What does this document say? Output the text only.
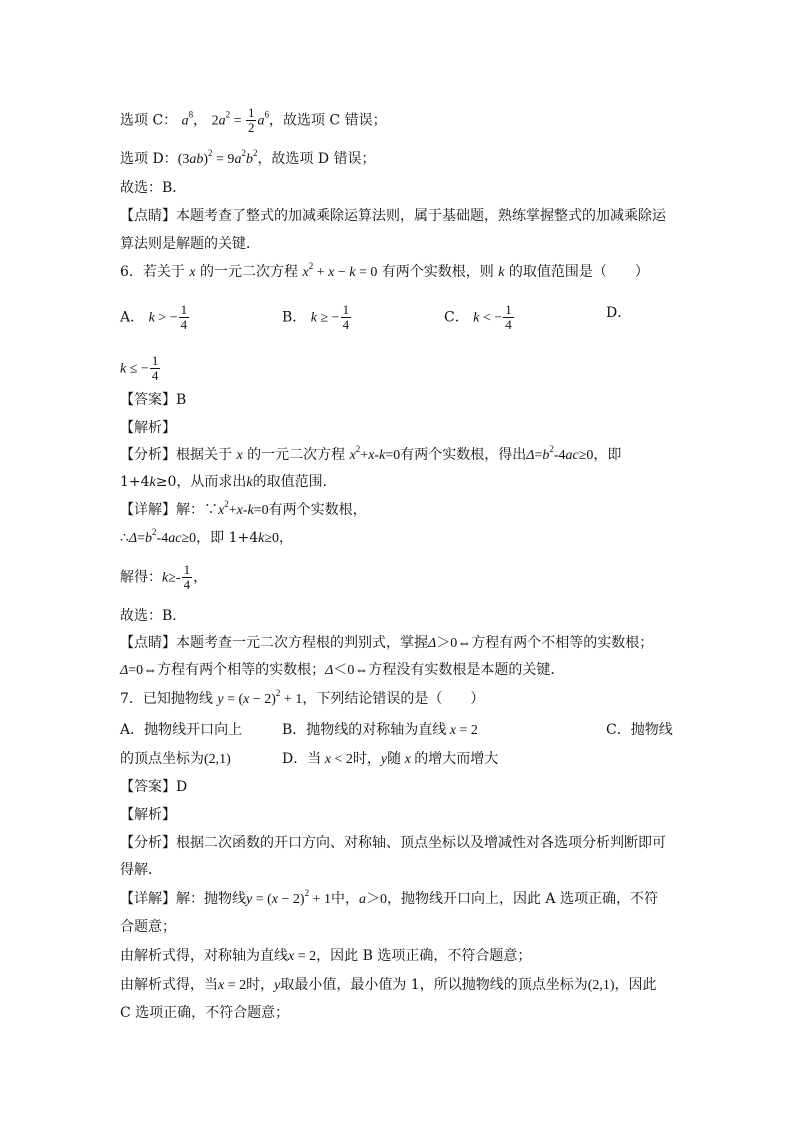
选项 C： $a^8$， $2a^2 = \frac{1}{2} a^6$，故选项 C 错误；
选项 D：$(3ab)^2 = 9a^2b^2$，故选项 D 错误；
故选：B．
【点睛】本题考查了整式的加减乘除运算法则，属于基础题，熟练掌握整式的加减乘除运
算法则是解题的关键．
6．若关于 x 的一元二次方程 $x^2 + x - k = 0$ 有两个实数根，则 k 的取值范围是（　　）
A． k > − $\frac{1}{4}$	B． k ≥ − $\frac{1}{4}$	C． k < − $\frac{1}{4}$	D．
k ≤ − $\frac{1}{4}$
【答案】B
【解析】
【分析】根据关于 x 的一元二次方程 $x^2+x-k=0$有两个实数根，得出$\Delta=b^2-4ac\ge 0$，即
1+4k≥0，从而求出k的取值范围．
【详解】解：$\because x^2+x-k=0$有两个实数根，
$\therefore\Delta=b^2-4ac\ge 0$，即 1+4k≥0，
解得：$k\ge- \frac{1}{4}$ ，
故选：B．
【点睛】本题考查一元二次方程根的判别式，掌握Δ＞0⇔方程有两个不相等的实数根；
Δ=0⇔方程有两个相等的实数根；Δ＜0⇔方程没有实数根是本题的关键．
7．已知抛物线 $y = (x - 2)^2 + 1$，下列结论错误的是（　　）
A．抛物线开口向上	B．抛物线的对称轴为直线 x = 2	C．抛物线
的顶点坐标为(2,1)	D．当 x < 2时，y随 x 的增大而增大
【答案】D
【解析】
【分析】根据二次函数的开口方向、对称轴、顶点坐标以及增减性对各选项分析判断即可
得解．
【详解】解：抛物线$y = (x - 2)^2 + 1$中，a＞0，抛物线开口向上，因此 A 选项正确，不符
合题意；
由解析式得，对称轴为直线x = 2，因此 B 选项正确，不符合题意；
由解析式得，当x = 2时，y取最小值，最小值为 1，所以抛物线的顶点坐标为(2,1)，因此
C 选项正确，不符合题意；
